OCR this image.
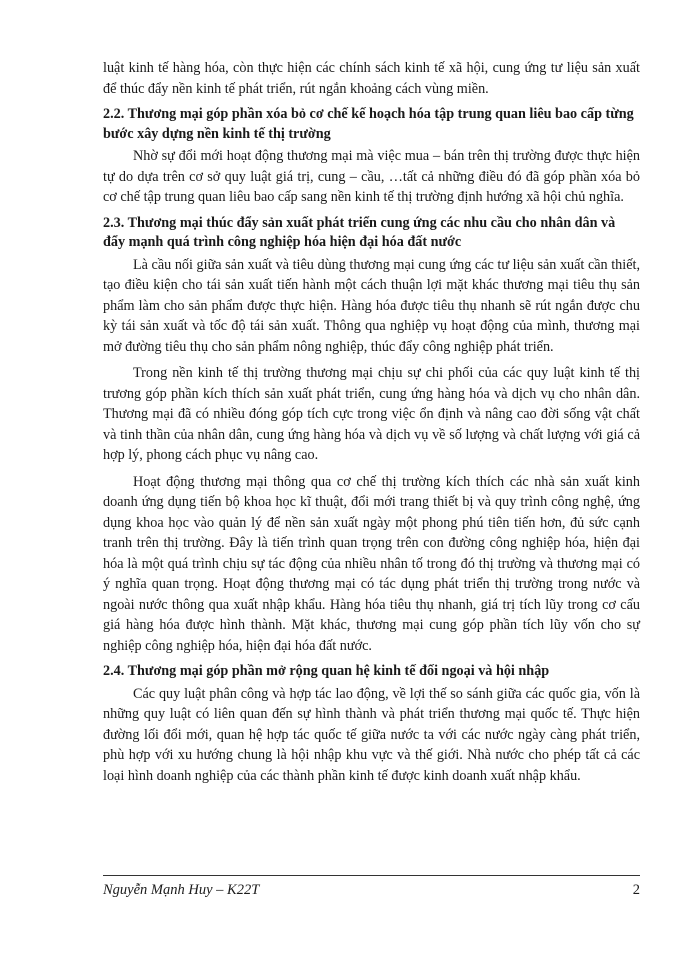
luật kinh tế hàng hóa, còn thực hiện các chính sách kinh tế xã hội, cung ứng tư liệu sản xuất để thúc đẩy nền kinh tế phát triển, rút ngắn khoảng cách vùng miền.

2.2. Thương mại góp phần xóa bỏ cơ chế kế hoạch hóa tập trung quan liêu bao cấp từng bước xây dựng nền kinh tế thị trường

Nhờ sự đổi mới hoạt động thương mại mà việc mua – bán trên thị trường được thực hiện tự do dựa trên cơ sở quy luật giá trị, cung – cầu, …tất cả những điều đó đã góp phần xóa bỏ cơ chế tập trung quan liêu bao cấp sang nền kinh tế thị trường định hướng xã hội chủ nghĩa.

2.3. Thương mại thúc đẩy sản xuất phát triển cung ứng các nhu cầu cho nhân dân và đẩy mạnh quá trình công nghiệp hóa hiện đại hóa đất nước

Là cầu nối giữa sản xuất và tiêu dùng thương mại cung ứng các tư liệu sản xuất cần thiết, tạo điều kiện cho tái sản xuất tiến hành một cách thuận lợi mặt khác thương mại tiêu thụ sản phẩm làm cho sản phẩm được thực hiện. Hàng hóa được tiêu thụ nhanh sẽ rút ngắn được chu kỳ tái sản xuất và tốc độ tái sản xuất. Thông qua nghiệp vụ hoạt động của mình, thương mại mở đường tiêu thụ cho sản phẩm nông nghiệp, thúc đẩy công nghiệp phát triển.

Trong nền kinh tế thị trường thương mại chịu sự chi phối của các quy luật kinh tế thị trương góp phần kích thích sản xuất phát triển, cung ứng hàng hóa và dịch vụ cho nhân dân. Thương mại đã có nhiều đóng góp tích cực trong việc ổn định và nâng cao đời sống vật chất và tinh thần của nhân dân, cung ứng hàng hóa và dịch vụ về số lượng và chất lượng với giá cả hợp lý, phong cách phục vụ nâng cao.

Hoạt động thương mại thông qua cơ chế thị trường kích thích các nhà sản xuất kinh doanh ứng dụng tiến bộ khoa học kĩ thuật, đổi mới trang thiết bị và quy trình công nghệ, ứng dụng khoa học vào quản lý để nền sản xuất ngày một phong phú tiên tiến hơn, đủ sức cạnh tranh trên thị trường. Đây là tiến trình quan trọng trên con đường công nghiệp hóa, hiện đại hóa là một quá trình chịu sự tác động của nhiều nhân tố trong đó thị trường và thương mại có ý nghĩa quan trọng. Hoạt động thương mại có tác dụng phát triển thị trường trong nước và ngoài nước thông qua xuất nhập khẩu. Hàng hóa tiêu thụ nhanh, giá trị tích lũy trong cơ cấu giá hàng hóa được hình thành. Mặt khác, thương mại cung góp phần tích lũy vốn cho sự nghiệp công nghiệp hóa, hiện đại hóa đất nước.

2.4. Thương mại góp phần mở rộng quan hệ kinh tế đối ngoại và hội nhập

Các quy luật phân công và hợp tác lao động, về lợi thế so sánh giữa các quốc gia, vốn là những quy luật có liên quan đến sự hình thành và phát triển thương mại quốc tế. Thực hiện đường lối đổi mới, quan hệ hợp tác quốc tế giữa nước ta với các nước ngày càng phát triển, phù hợp với xu hướng chung là hội nhập khu vực và thế giới. Nhà nước cho phép tất cả các loại hình doanh nghiệp của các thành phần kinh tế được kinh doanh xuất nhập khẩu.

Nguyễn Mạnh Huy – K22T	2
